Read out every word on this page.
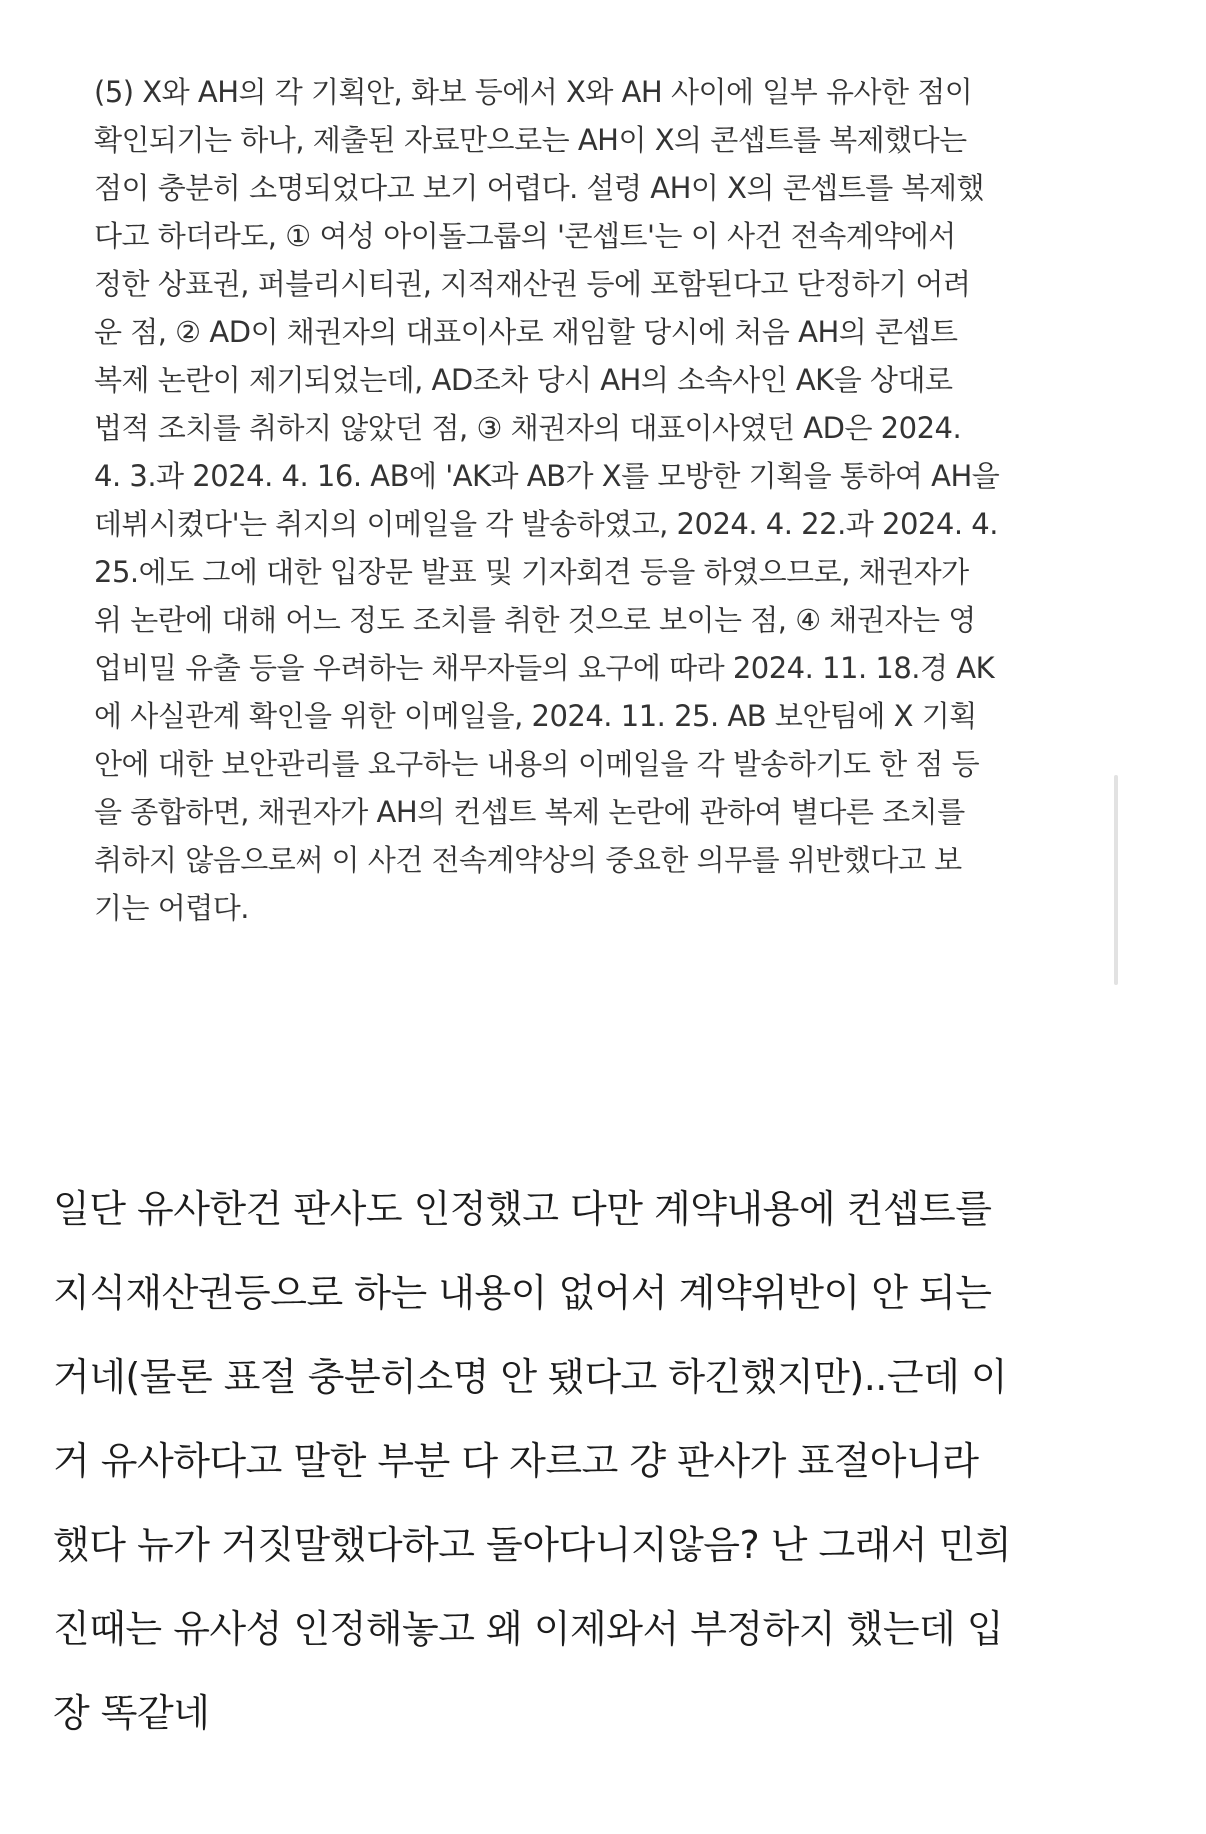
(5) X와 AH의 각 기획안, 화보 등에서 X와 AH 사이에 일부 유사한 점이
확인되기는 하나, 제출된 자료만으로는 AH이 X의 콘셉트를 복제했다는
점이 충분히 소명되었다고 보기 어렵다. 설령 AH이 X의 콘셉트를 복제했
다고 하더라도, ① 여성 아이돌그룹의 '콘셉트'는 이 사건 전속계약에서
정한 상표권, 퍼블리시티권, 지적재산권 등에 포함된다고 단정하기 어려
운 점, ② AD이 채권자의 대표이사로 재임할 당시에 처음 AH의 콘셉트
복제 논란이 제기되었는데, AD조차 당시 AH의 소속사인 AK을 상대로
법적 조치를 취하지 않았던 점, ③ 채권자의 대표이사였던 AD은 2024.
4. 3.과 2024. 4. 16. AB에 'AK과 AB가 X를 모방한 기획을 통하여 AH을
데뷔시켰다'는 취지의 이메일을 각 발송하였고, 2024. 4. 22.과 2024. 4.
25.에도 그에 대한 입장문 발표 및 기자회견 등을 하였으므로, 채권자가
위 논란에 대해 어느 정도 조치를 취한 것으로 보이는 점, ④ 채권자는 영
업비밀 유출 등을 우려하는 채무자들의 요구에 따라 2024. 11. 18.경 AK
에 사실관계 확인을 위한 이메일을, 2024. 11. 25. AB 보안팀에 X 기획
안에 대한 보안관리를 요구하는 내용의 이메일을 각 발송하기도 한 점 등
을 종합하면, 채권자가 AH의 컨셉트 복제 논란에 관하여 별다른 조치를
취하지 않음으로써 이 사건 전속계약상의 중요한 의무를 위반했다고 보
기는 어렵다.
일단 유사한건 판사도 인정했고 다만 계약내용에 컨셉트를
지식재산권등으로 하는 내용이 없어서 계약위반이 안 되는
거네(물론 표절 충분히소명 안 됐다고 하긴했지만)..근데 이
거 유사하다고 말한 부분 다 자르고 걍 판사가 표절아니라
했다 뉴가 거짓말했다하고 돌아다니지않음? 난 그래서 민희
진때는 유사성 인정해놓고 왜 이제와서 부정하지 했는데 입
장 똑같네
